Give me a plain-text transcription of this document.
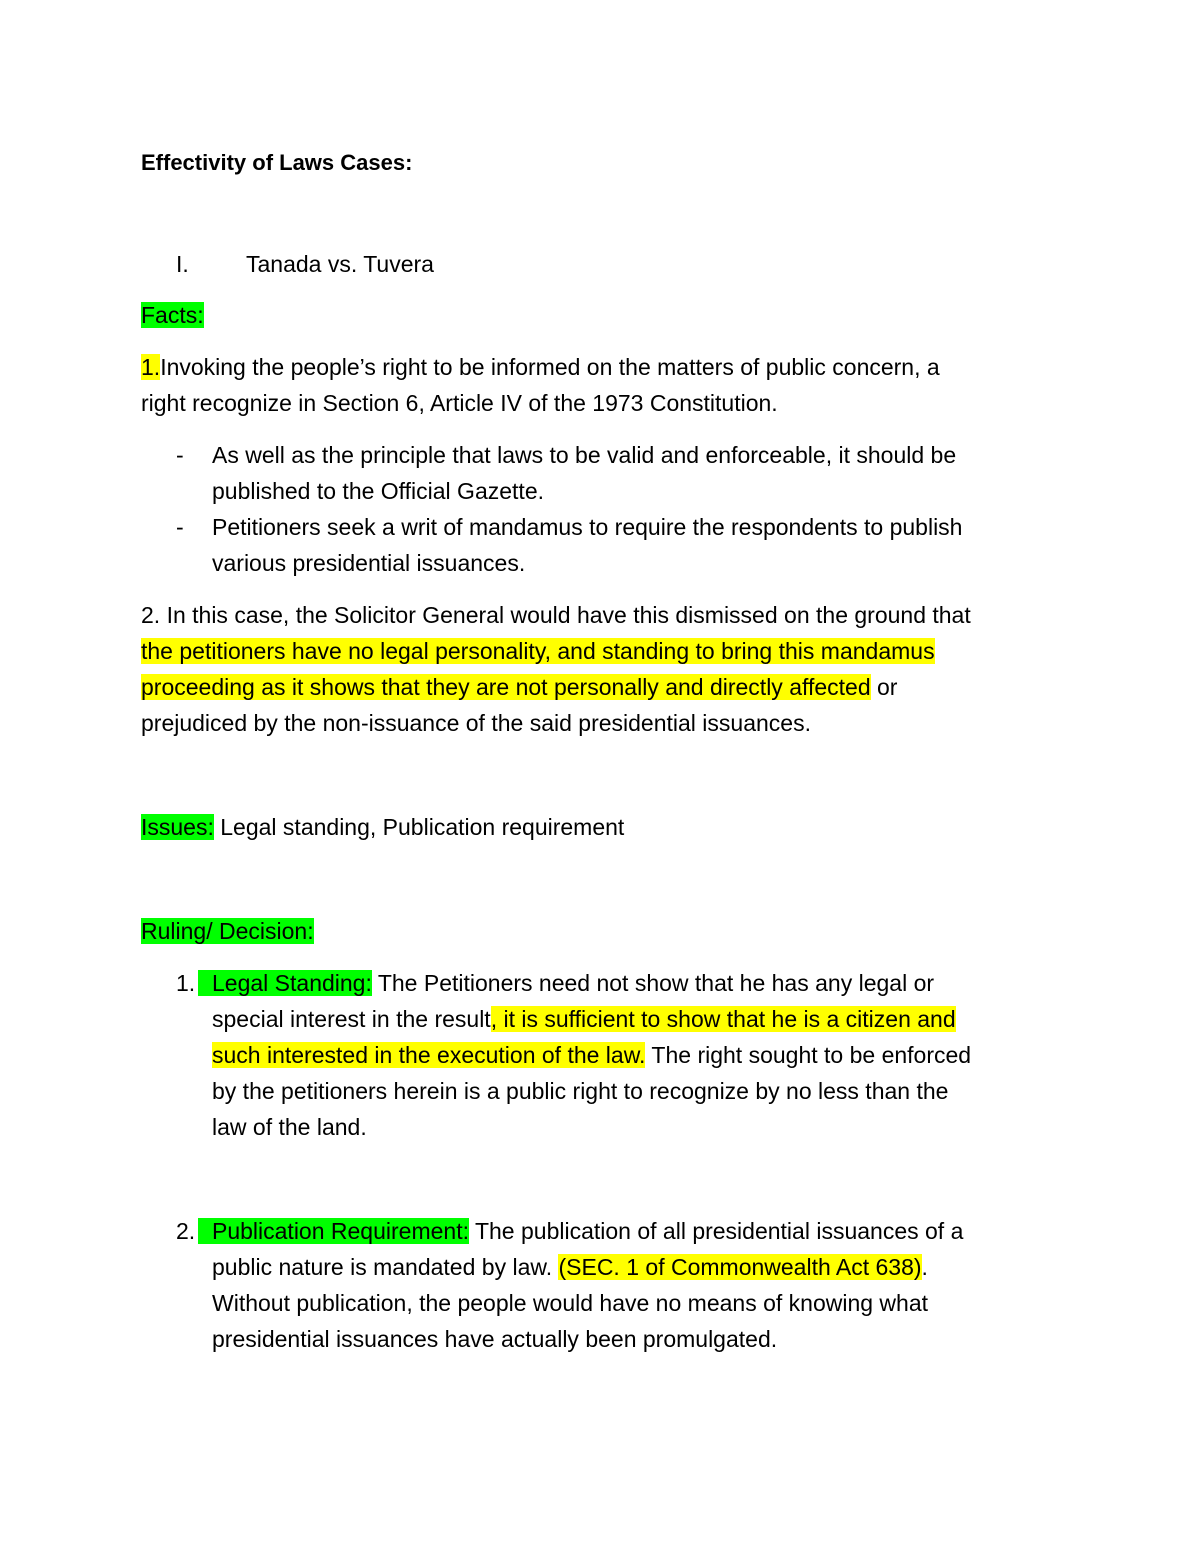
Effectivity of Laws Cases:
I. Tanada vs. Tuvera
Facts:
1.Invoking the people’s right to be informed on the matters of public concern, a
right recognize in Section 6, Article IV of the 1973 Constitution.
- As well as the principle that laws to be valid and enforceable, it should be
published to the Official Gazette.
- Petitioners seek a writ of mandamus to require the respondents to publish
various presidential issuances.
2. In this case, the Solicitor General would have this dismissed on the ground that
the petitioners have no legal personality, and standing to bring this mandamus
proceeding as it shows that they are not personally and directly affected or
prejudiced by the non-issuance of the said presidential issuances.
Issues: Legal standing, Publication requirement
Ruling/ Decision:
1. Legal Standing: The Petitioners need not show that he has any legal or
special interest in the result, it is sufficient to show that he is a citizen and
such interested in the execution of the law. The right sought to be enforced
by the petitioners herein is a public right to recognize by no less than the
law of the land.
2. Publication Requirement: The publication of all presidential issuances of a
public nature is mandated by law. (SEC. 1 of Commonwealth Act 638).
Without publication, the people would have no means of knowing what
presidential issuances have actually been promulgated.
